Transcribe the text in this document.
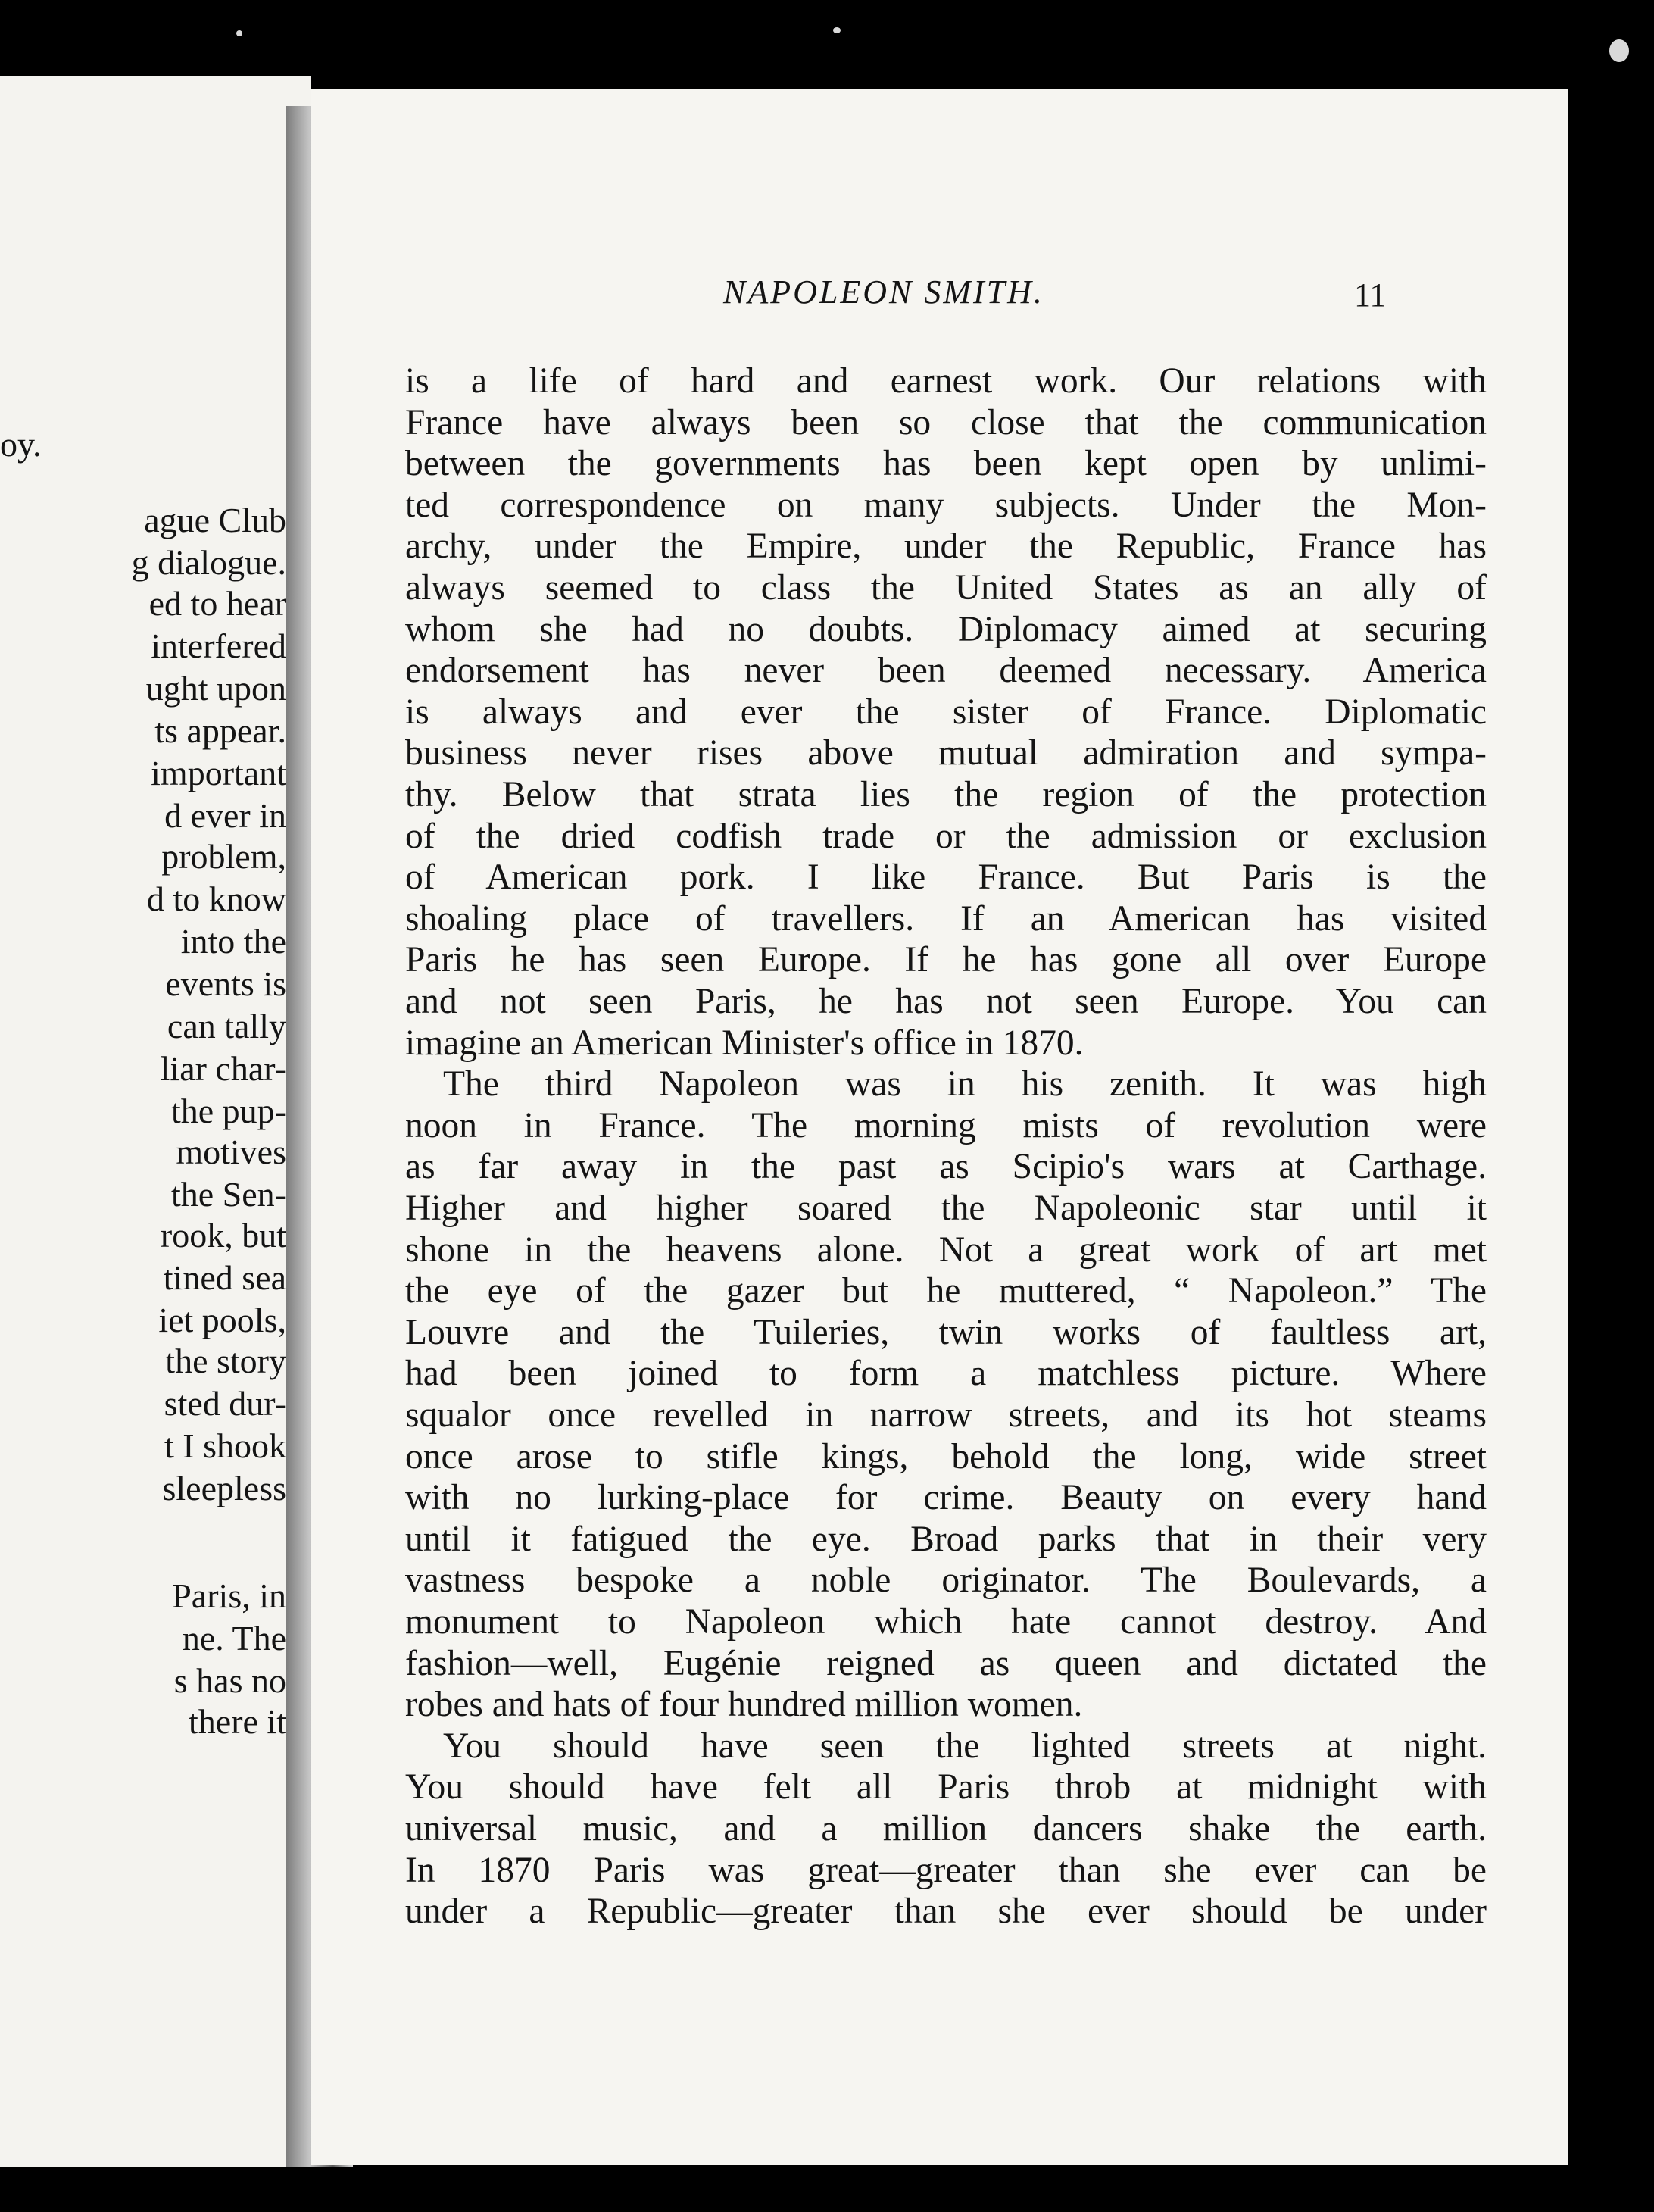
NAPOLEON SMITH.	11
oy.
ague Club
g dialogue.
ed to hear
interfered
ught upon
ts appear.
important
d ever in
problem,
d to know
into the
events is
can tally
liar char-
the pup-
motives
the Sen-
rook, but
tined sea
iet pools,
the story
sted dur-
t I shook
sleepless
Paris, in
ne. The
s has no
there it
is a life of hard and earnest work. Our relations with
France have always been so close that the communication
between the governments has been kept open by unlimi-
ted correspondence on many subjects. Under the Mon-
archy, under the Empire, under the Republic, France has
always seemed to class the United States as an ally of
whom she had no doubts. Diplomacy aimed at securing
endorsement has never been deemed necessary. America
is always and ever the sister of France. Diplomatic
business never rises above mutual admiration and sympa-
thy. Below that strata lies the region of the protection
of the dried codfish trade or the admission or exclusion
of American pork. I like France. But Paris is the
shoaling place of travellers. If an American has visited
Paris he has seen Europe. If he has gone all over Europe
and not seen Paris, he has not seen Europe. You can
imagine an American Minister's office in 1870.
The third Napoleon was in his zenith. It was high
noon in France. The morning mists of revolution were
as far away in the past as Scipio's wars at Carthage.
Higher and higher soared the Napoleonic star until it
shone in the heavens alone. Not a great work of art met
the eye of the gazer but he muttered, “ Napoleon.” The
Louvre and the Tuileries, twin works of faultless art,
had been joined to form a matchless picture. Where
squalor once revelled in narrow streets, and its hot steams
once arose to stifle kings, behold the long, wide street
with no lurking-place for crime. Beauty on every hand
until it fatigued the eye. Broad parks that in their very
vastness bespoke a noble originator. The Boulevards, a
monument to Napoleon which hate cannot destroy. And
fashion—well, Eugénie reigned as queen and dictated the
robes and hats of four hundred million women.
You should have seen the lighted streets at night.
You should have felt all Paris throb at midnight with
universal music, and a million dancers shake the earth.
In 1870 Paris was great—greater than she ever can be
under a Republic—greater than she ever should be under
